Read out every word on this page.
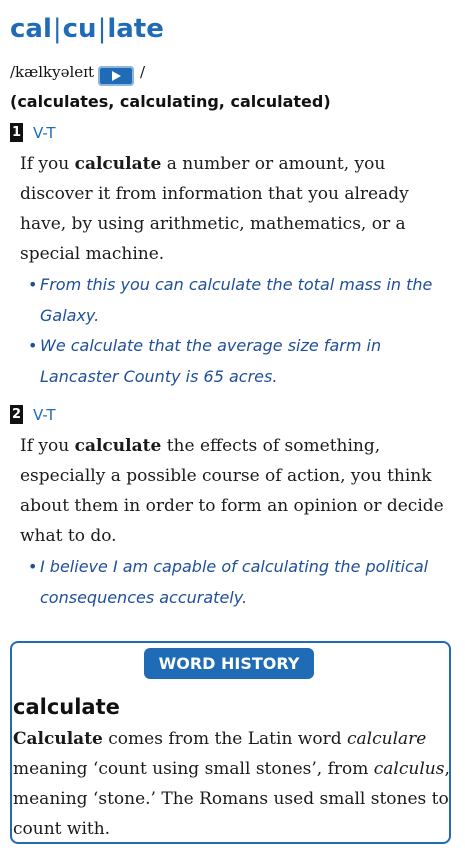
cal|cu|late
/kælkyəleɪt	/
(calculates, calculating, calculated)
1 V-T
If you calculate a number or amount, you discover it from information that you already have, by using arithmetic, mathematics, or a special machine.
• From this you can calculate the total mass in the Galaxy.
• We calculate that the average size farm in Lancaster County is 65 acres.
2 V-T
If you calculate the effects of something, especially a possible course of action, you think about them in order to form an opinion or decide what to do.
• I believe I am capable of calculating the political consequences accurately.
WORD HISTORY
calculate
Calculate comes from the Latin word calculare meaning ‘count using small stones’, from calculus, meaning ‘stone.’ The Romans used small stones to count with.
